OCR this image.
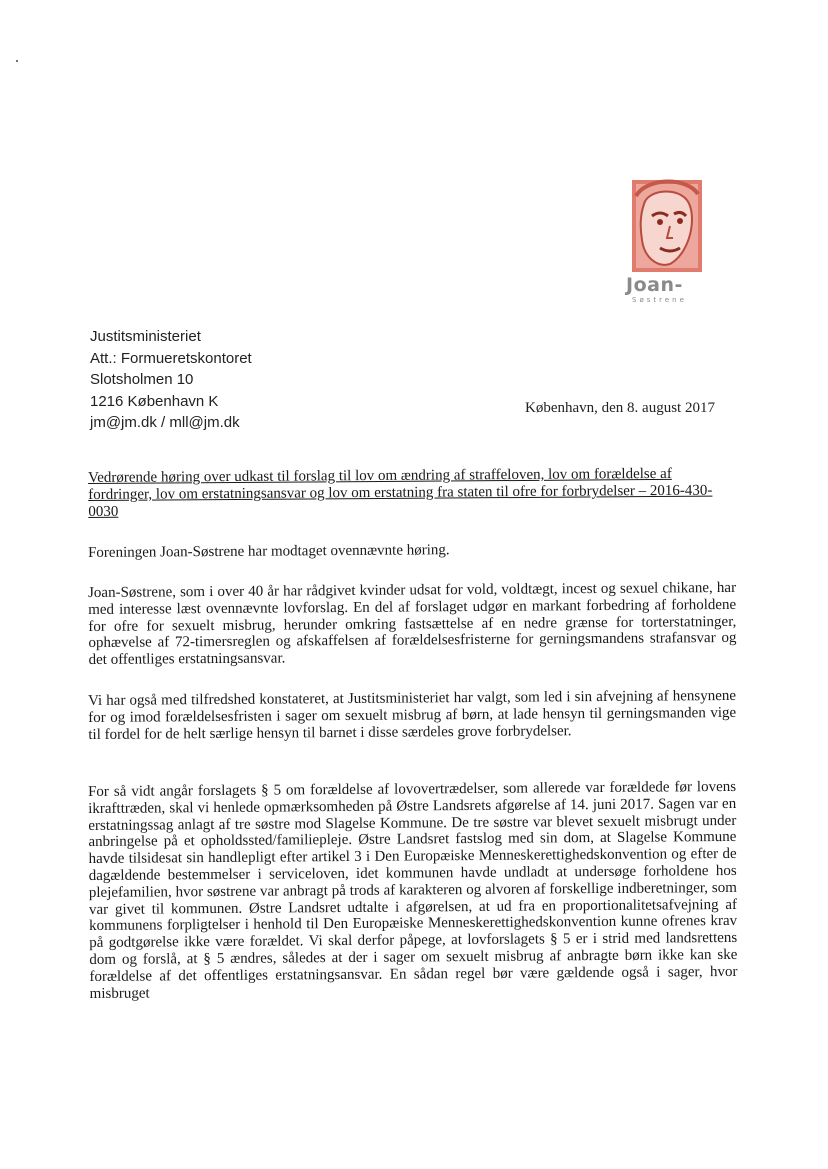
Joan-
Søstrene
Justitsministeriet
Att.: Formueretskontoret
Slotsholmen 10
1216 København K
jm@jm.dk / mll@jm.dk
København, den 8. august 2017
Vedrørende høring over udkast til forslag til lov om ændring af straffeloven, lov om forældelse af fordringer, lov om erstatningsansvar og lov om erstatning fra staten til ofre for forbrydelser – 2016-430-0030
Foreningen Joan-Søstrene har modtaget ovennævnte høring.
Joan-Søstrene, som i over 40 år har rådgivet kvinder udsat for vold, voldtægt, incest og sexuel chikane, har med interesse læst ovennævnte lovforslag. En del af forslaget udgør en markant forbedring af forholdene for ofre for sexuelt misbrug, herunder omkring fastsættelse af en nedre grænse for torterstatninger, ophævelse af 72-timersreglen og afskaffelsen af forældelsesfristerne for gerningsmandens strafansvar og det offentliges erstatningsansvar.
Vi har også med tilfredshed konstateret, at Justitsministeriet har valgt, som led i sin afvejning af hensynene for og imod forældelsesfristen i sager om sexuelt misbrug af børn, at lade hensyn til gerningsmanden vige til fordel for de helt særlige hensyn til barnet i disse særdeles grove forbrydelser.
For så vidt angår forslagets § 5 om forældelse af lovovertrædelser, som allerede var forældede før lovens ikrafttræden, skal vi henlede opmærksomheden på Østre Landsrets afgørelse af 14. juni 2017. Sagen var en erstatningssag anlagt af tre søstre mod Slagelse Kommune. De tre søstre var blevet sexuelt misbrugt under anbringelse på et opholdssted/familiepleje. Østre Landsret fastslog med sin dom, at Slagelse Kommune havde tilsidesat sin handlepligt efter artikel 3 i Den Europæiske Menneskerettighedskonvention og efter de dagældende bestemmelser i serviceloven, idet kommunen havde undladt at undersøge forholdene hos plejefamilien, hvor søstrene var anbragt på trods af karakteren og alvoren af forskellige indberetninger, som var givet til kommunen. Østre Landsret udtalte i afgørelsen, at ud fra en proportionalitetsafvejning af kommunens forpligtelser i henhold til Den Europæiske Menneskerettighedskonvention kunne ofrenes krav på godtgørelse ikke være forældet. Vi skal derfor påpege, at lovforslagets § 5 er i strid med landsrettens dom og forslå, at § 5 ændres, således at der i sager om sexuelt misbrug af anbragte børn ikke kan ske forældelse af det offentliges erstatningsansvar. En sådan regel bør være gældende også i sager, hvor misbruget
